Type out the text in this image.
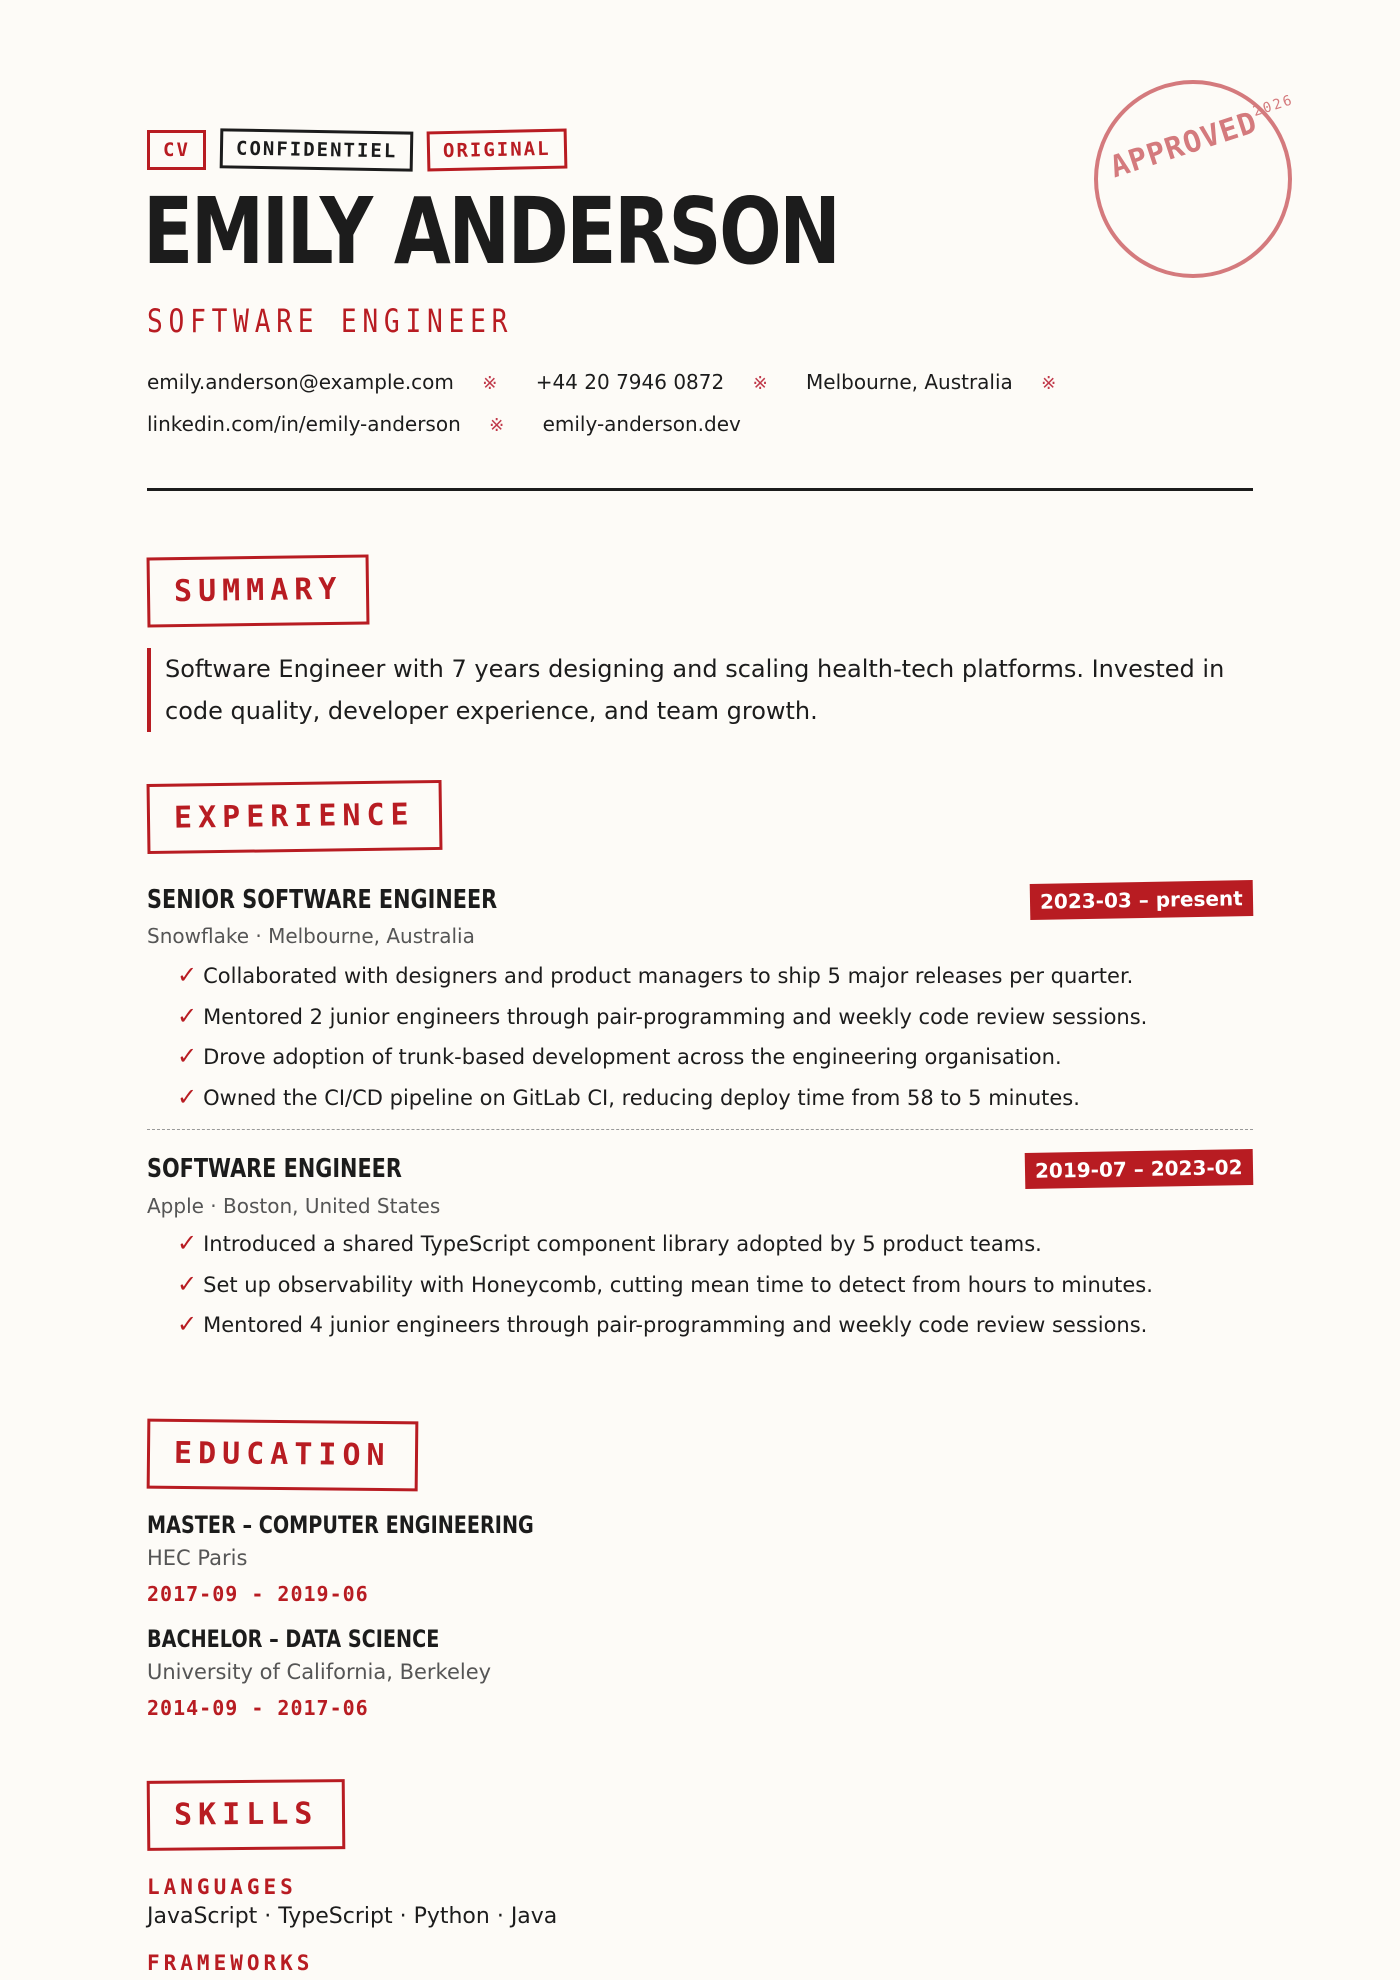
CV	CONFIDENTIEL	ORIGINAL
EMILY ANDERSON
SOFTWARE ENGINEER
emily.anderson@example.com ※ +44 20 7946 0872 ※ Melbourne, Australia ※
linkedin.com/in/emily-anderson ※ emily-anderson.dev
SUMMARY
Software Engineer with 7 years designing and scaling health-tech platforms. Invested in code quality, developer experience, and team growth.
EXPERIENCE
SENIOR SOFTWARE ENGINEER	2023-03 – present
Snowflake · Melbourne, Australia
✓ Collaborated with designers and product managers to ship 5 major releases per quarter.
✓ Mentored 2 junior engineers through pair-programming and weekly code review sessions.
✓ Drove adoption of trunk-based development across the engineering organisation.
✓ Owned the CI/CD pipeline on GitLab CI, reducing deploy time from 58 to 5 minutes.
SOFTWARE ENGINEER	2019-07 – 2023-02
Apple · Boston, United States
✓ Introduced a shared TypeScript component library adopted by 5 product teams.
✓ Set up observability with Honeycomb, cutting mean time to detect from hours to minutes.
✓ Mentored 4 junior engineers through pair-programming and weekly code review sessions.
EDUCATION
MASTER – COMPUTER ENGINEERING
HEC Paris
2017-09 - 2019-06
BACHELOR – DATA SCIENCE
University of California, Berkeley
2014-09 - 2017-06
SKILLS
LANGUAGES
JavaScript · TypeScript · Python · Java
FRAMEWORKS
APPROVED2026
